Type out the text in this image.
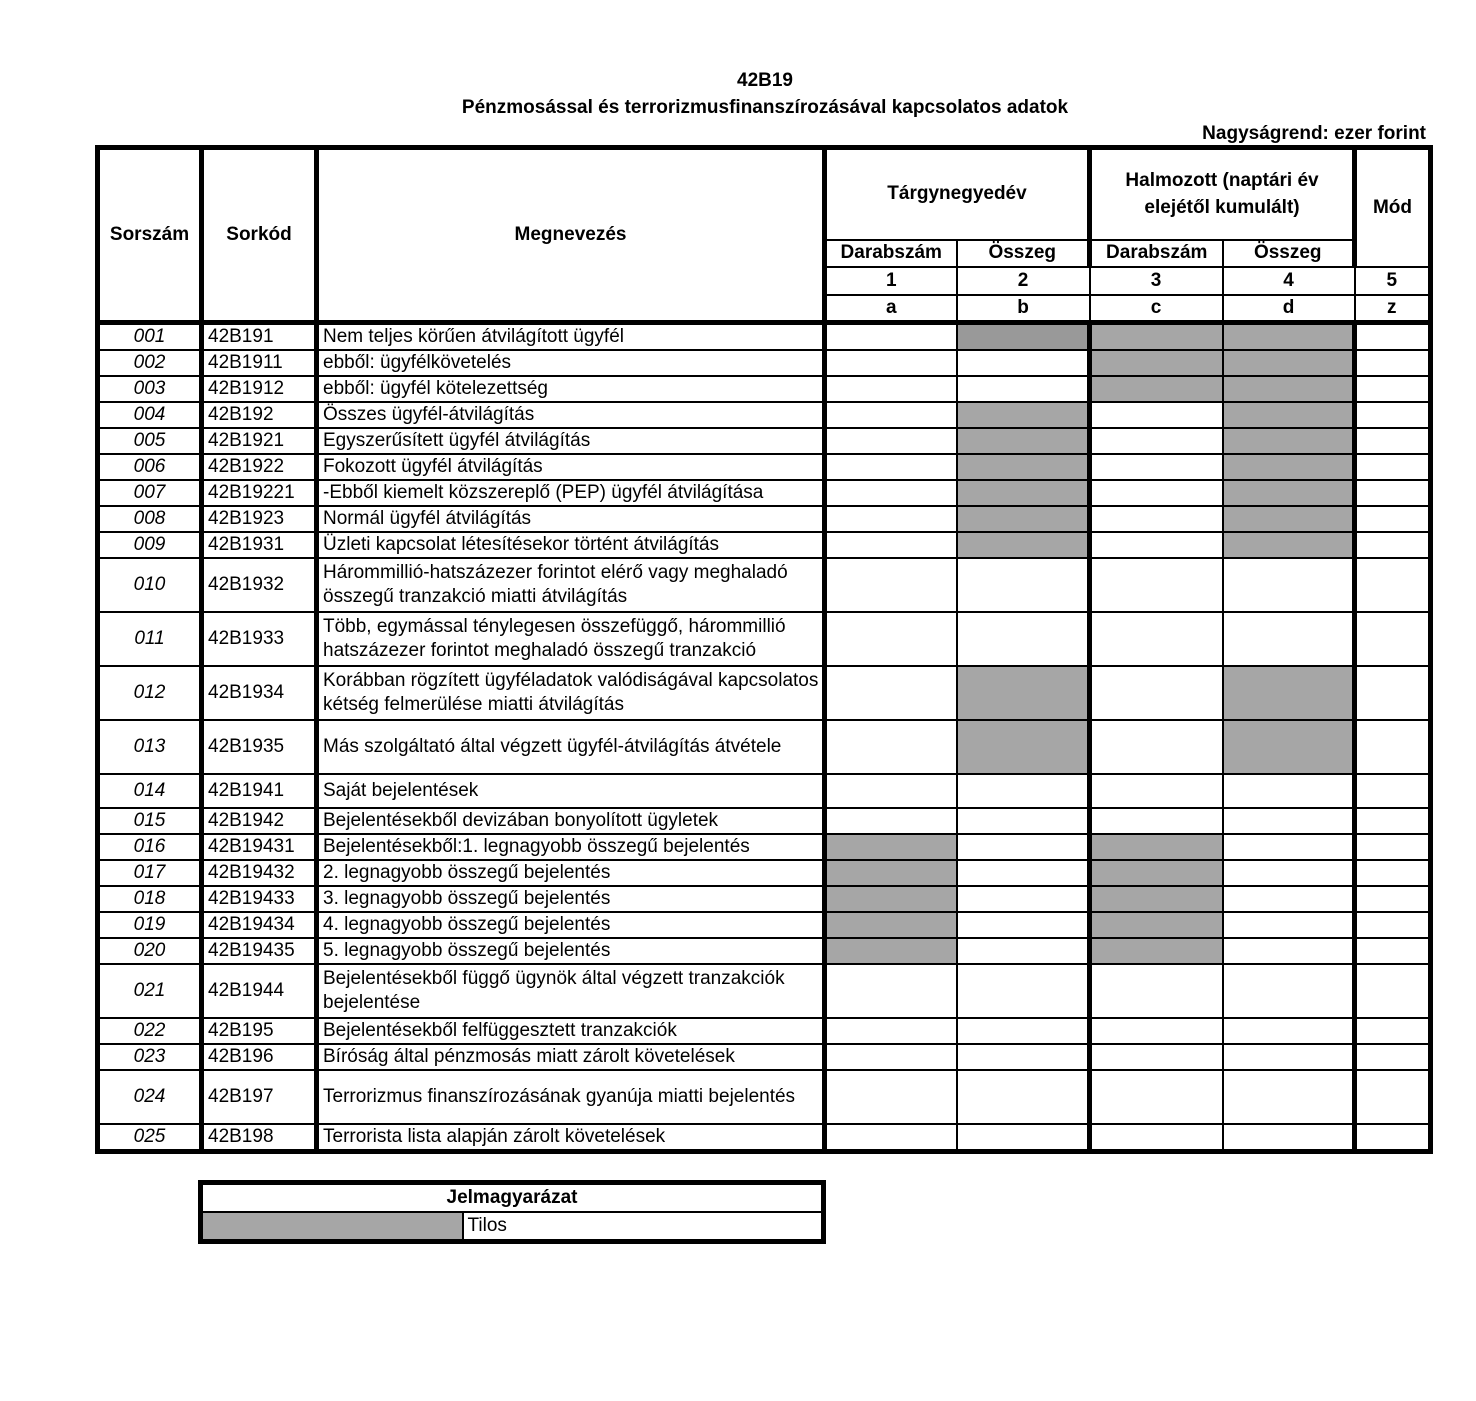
42B19
Pénzmosással és terrorizmusfinanszírozásával kapcsolatos adatok
Nagyságrend: ezer forint
Sorszám	Sorkód	Megnevezés	Tárgynegyedév		Halmozott (naptári év elejétől kumulált)		Mód
			Darabszám	Összeg	Darabszám	Összeg	
			1	2	3	4	5
			a	b	c	d	z
001	42B191	Nem teljes körűen átvilágított ügyfél					
002	42B1911	ebből: ügyfélkövetelés					
003	42B1912	ebből: ügyfél kötelezettség					
004	42B192	Összes ügyfél-átvilágítás					
005	42B1921	Egyszerűsített ügyfél átvilágítás					
006	42B1922	Fokozott ügyfél átvilágítás					
007	42B19221	-Ebből kiemelt közszereplő (PEP) ügyfél átvilágítása					
008	42B1923	Normál ügyfél átvilágítás					
009	42B1931	Üzleti kapcsolat létesítésekor történt átvilágítás					
010	42B1932	Hárommillió-hatszázezer forintot elérő vagy meghaladó összegű tranzakció miatti átvilágítás					
011	42B1933	Több, egymással ténylegesen összefüggő, hárommillió hatszázezer forintot meghaladó összegű tranzakció					
012	42B1934	Korábban rögzített ügyféladatok valódiságával kapcsolatos kétség felmerülése miatti átvilágítás					
013	42B1935	Más szolgáltató által végzett ügyfél-átvilágítás átvétele					
014	42B1941	Saját bejelentések					
015	42B1942	Bejelentésekből devizában bonyolított ügyletek					
016	42B19431	Bejelentésekből:1. legnagyobb összegű bejelentés					
017	42B19432	2. legnagyobb összegű bejelentés					
018	42B19433	3. legnagyobb összegű bejelentés					
019	42B19434	4. legnagyobb összegű bejelentés					
020	42B19435	5. legnagyobb összegű bejelentés					
021	42B1944	Bejelentésekből függő ügynök által végzett tranzakciók bejelentése					
022	42B195	Bejelentésekből felfüggesztett tranzakciók					
023	42B196	Bíróság által pénzmosás miatt zárolt követelések					
024	42B197	Terrorizmus finanszírozásának gyanúja miatti bejelentés					
025	42B198	Terrorista lista alapján zárolt követelések					
Jelmagyarázat
	Tilos
